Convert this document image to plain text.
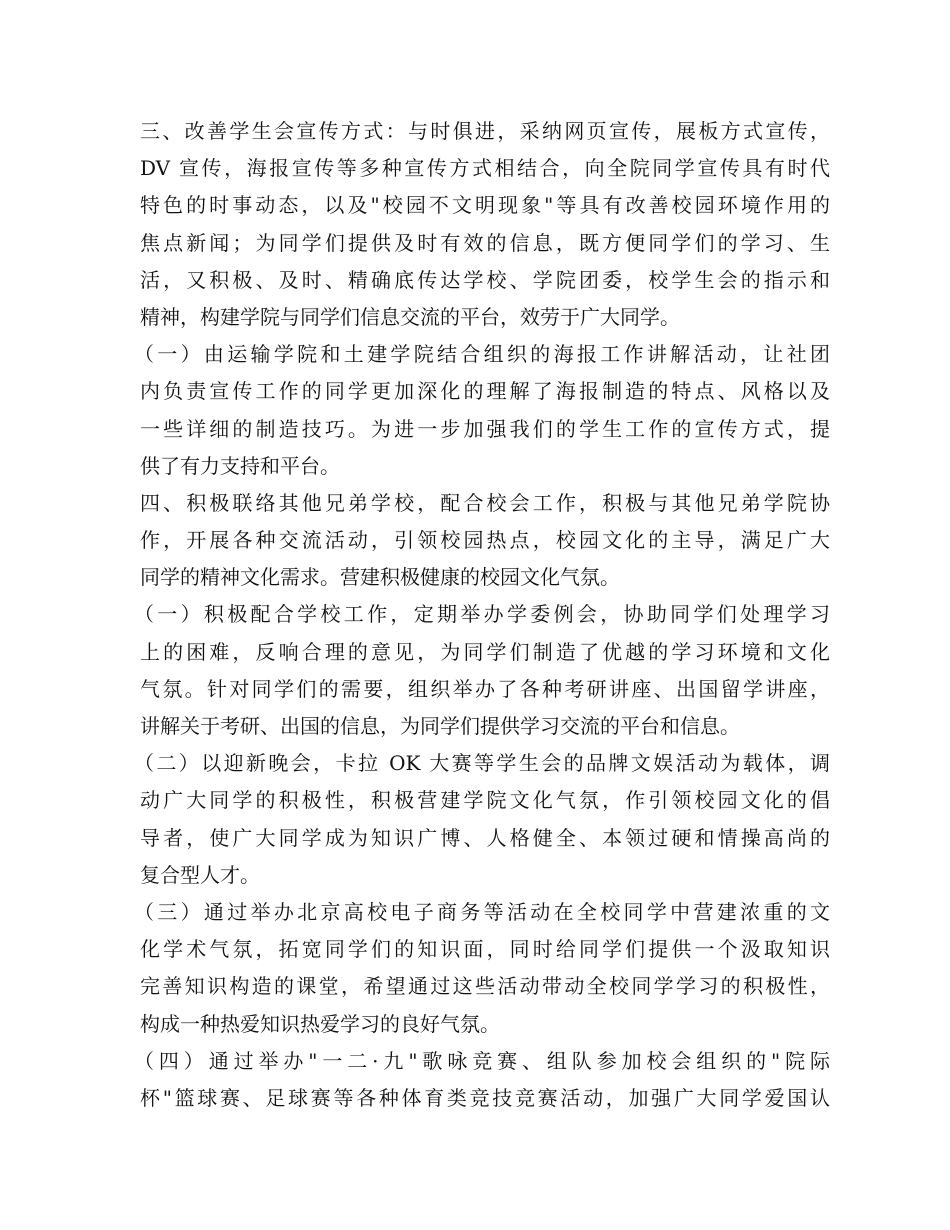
三、改善学生会宣传方式：与时俱进，采纳网页宣传，展板方式宣传，
DV 宣传，海报宣传等多种宣传方式相结合，向全院同学宣传具有时代
特色的时事动态，以及"校园不文明现象"等具有改善校园环境作用的
焦点新闻；为同学们提供及时有效的信息，既方便同学们的学习、生
活，又积极、及时、精确底传达学校、学院团委，校学生会的指示和
精神，构建学院与同学们信息交流的平台，效劳于广大同学。
（一）由运输学院和土建学院结合组织的海报工作讲解活动，让社团
内负责宣传工作的同学更加深化的理解了海报制造的特点、风格以及
一些详细的制造技巧。为进一步加强我们的学生工作的宣传方式，提
供了有力支持和平台。
四、积极联络其他兄弟学校，配合校会工作，积极与其他兄弟学院协
作，开展各种交流活动，引领校园热点，校园文化的主导，满足广大
同学的精神文化需求。营建积极健康的校园文化气氛。
（一）积极配合学校工作，定期举办学委例会，协助同学们处理学习
上的困难，反响合理的意见，为同学们制造了优越的学习环境和文化
气氛。针对同学们的需要，组织举办了各种考研讲座、出国留学讲座，
讲解关于考研、出国的信息，为同学们提供学习交流的平台和信息。
（二）以迎新晚会，卡拉 OK 大赛等学生会的品牌文娱活动为载体，调
动广大同学的积极性，积极营建学院文化气氛，作引领校园文化的倡
导者，使广大同学成为知识广博、人格健全、本领过硬和情操高尚的
复合型人才。
（三）通过举办北京高校电子商务等活动在全校同学中营建浓重的文
化学术气氛，拓宽同学们的知识面，同时给同学们提供一个汲取知识
完善知识构造的课堂，希望通过这些活动带动全校同学学习的积极性，
构成一种热爱知识热爱学习的良好气氛。
（四）通过举办"一二·九"歌咏竞赛、组队参加校会组织的"院际
杯"篮球赛、足球赛等各种体育类竞技竞赛活动，加强广大同学爱国认
